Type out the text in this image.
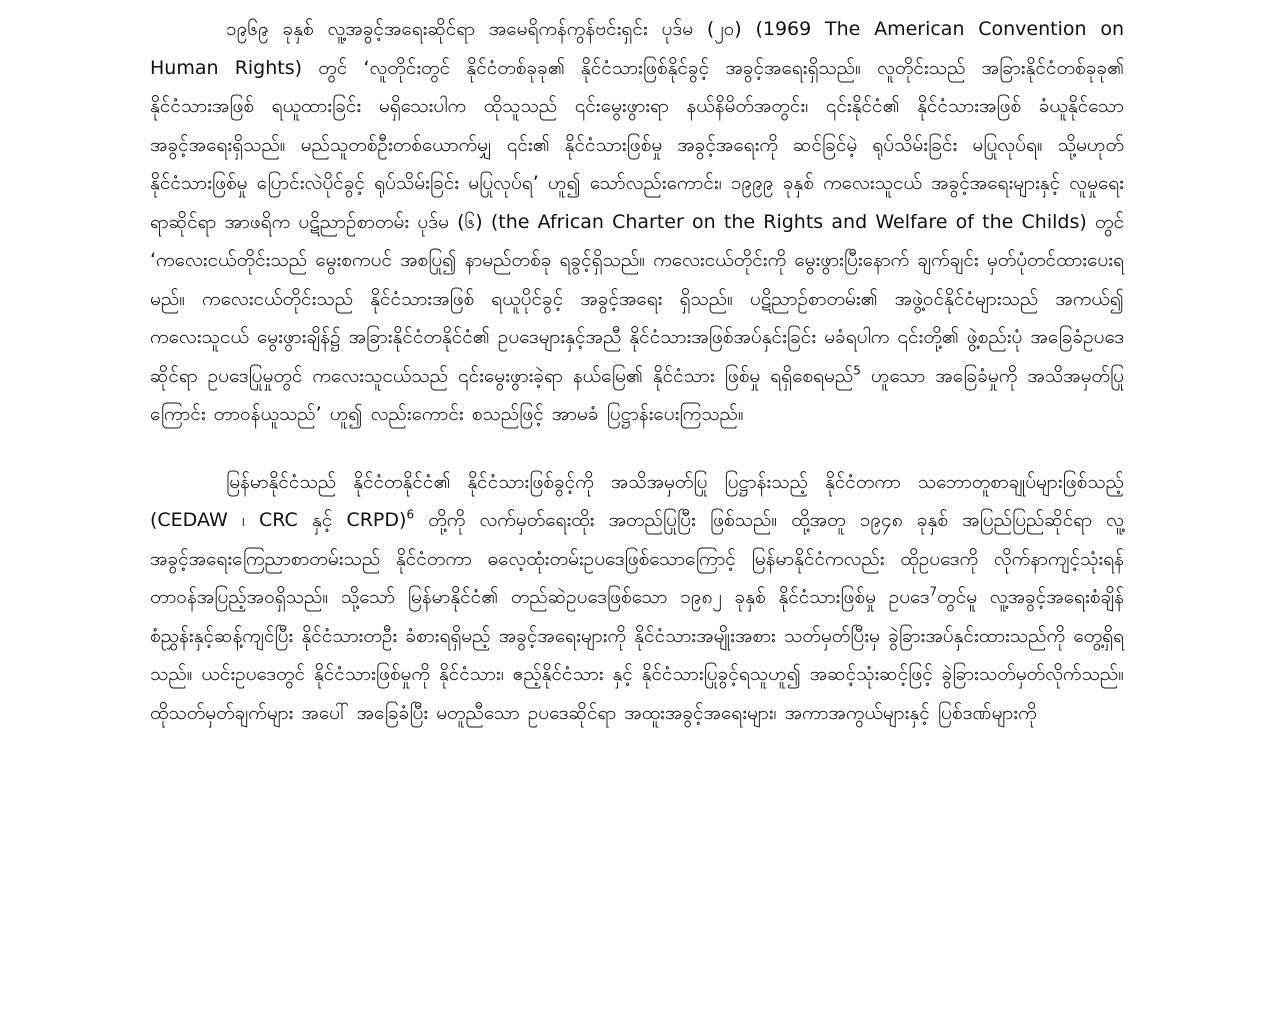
၁၉၆၉ ခုနှစ် လူ့အခွင့်အရေးဆိုင်ရာ အမေရိကန်ကွန်ဗင်းရှင်း ပုဒ်မ (၂၀) (1969 The American Convention on Human Rights) တွင် ‘လူတိုင်းတွင် နိုင်ငံတစ်ခုခု၏ နိုင်ငံသားဖြစ်နိုင်ခွင့် အခွင့်အရေးရှိသည်။ လူတိုင်းသည် အခြားနိုင်ငံတစ်ခုခု၏ နိုင်ငံသားအဖြစ် ရယူထားခြင်း မရှိသေးပါက ထိုသူသည် ၎င်းမွေးဖွားရာ နယ်နိမိတ်အတွင်း၊ ၎င်းနိုင်ငံ၏ နိုင်ငံသားအဖြစ် ခံယူနိုင်သော အခွင့်အရေးရှိသည်။ မည်သူတစ်ဦးတစ်ယောက်မျှ ၎င်း၏ နိုင်ငံသားဖြစ်မှု အခွင့်အရေးကို ဆင်ခြင်မဲ့ ရုပ်သိမ်းခြင်း မပြုလုပ်ရ။ သို့မဟုတ် နိုင်ငံသားဖြစ်မှု ပြောင်းလဲပိုင်ခွင့် ရုပ်သိမ်းခြင်း မပြုလုပ်ရ’ ဟူ၍ သော်လည်းကောင်း၊ ၁၉၉၉ ခုနှစ် ကလေးသူငယ် အခွင့်အရေးများနှင့် လူမှုရေးရာဆိုင်ရာ အာဖရိက ပဋိညာဉ်စာတမ်း ပုဒ်မ (၆) (the African Charter on the Rights and Welfare of the Childs) တွင် ‘ကလေးငယ်တိုင်းသည် မွေးစကပင် အစပြု၍ နာမည်တစ်ခု ရခွင့်ရှိသည်။ ကလေးငယ်တိုင်းကို မွေးဖွားပြီးနောက် ချက်ချင်း မှတ်ပုံတင်ထားပေးရမည်။ ကလေးငယ်တိုင်းသည် နိုင်ငံသားအဖြစ် ရယူပိုင်ခွင့် အခွင့်အရေး ရှိသည်။ ပဋိညာဉ်စာတမ်း၏ အဖွဲ့ဝင်နိုင်ငံများသည် အကယ်၍ ကလေးသူငယ် မွေးဖွားချိန်၌ အခြားနိုင်ငံတနိုင်ငံ၏ ဥပဒေများနှင့်အညီ နိုင်ငံသားအဖြစ်အပ်နှင်းခြင်း မခံရပါက ၎င်းတို့၏ ဖွဲ့စည်းပုံ အခြေခံဥပဒေဆိုင်ရာ ဥပဒေပြုမှုတွင် ကလေးသူငယ်သည် ၎င်းမွေးဖွားခဲ့ရာ နယ်မြေ၏ နိုင်ငံသား ဖြစ်မှု ရရှိစေရမည်$^5$ ဟူသော အခြေခံမှုကို အသိအမှတ်ပြုကြောင်း တာဝန်ယူသည်’ ဟူ၍ လည်းကောင်း စသည်ဖြင့် အာမခံ ပြဋ္ဌာန်းပေးကြသည်။

မြန်မာနိုင်ငံသည် နိုင်ငံတနိုင်ငံ၏ နိုင်ငံသားဖြစ်ခွင့်ကို အသိအမှတ်ပြု ပြဋ္ဌာန်းသည့် နိုင်ငံတကာ သဘောတူစာချုပ်များဖြစ်သည့် (CEDAW ၊ CRC နှင့် CRPD)$^6$ တို့ကို လက်မှတ်ရေးထိုး အတည်ပြုပြီး ဖြစ်သည်။ ထို့အတူ ၁၉၄၈ ခုနှစ် အပြည်ပြည်ဆိုင်ရာ လူ့အခွင့်အရေးကြေညာစာတမ်းသည် နိုင်ငံတကာ ဓလေ့ထုံးတမ်းဥပဒေဖြစ်သောကြောင့် မြန်မာနိုင်ငံကလည်း ထိုဥပဒေကို လိုက်နာကျင့်သုံးရန် တာဝန်အပြည့်အဝရှိသည်။ သို့သော် မြန်မာနိုင်ငံ၏ တည်ဆဲဥပဒေဖြစ်သော ၁၉၈၂ ခုနှစ် နိုင်ငံသားဖြစ်မှု ဥပဒေ$^7$တွင်မူ လူ့အခွင့်အရေးစံချိန်စံညွှန်းနှင့်ဆန့်ကျင်ပြီး နိုင်ငံသားတဦး ခံစားရရှိမည့် အခွင့်အရေးများကို နိုင်ငံသားအမျိုးအစား သတ်မှတ်ပြီးမှ ခွဲခြားအပ်နှင်းထားသည်ကို တွေ့ရှိရသည်။ ယင်းဥပဒေတွင် နိုင်ငံသားဖြစ်မှုကို နိုင်ငံသား၊ ဧည့်နိုင်ငံသား နှင့် နိုင်ငံသားပြုခွင့်ရသူဟူ၍ အဆင့်သုံးဆင့်ဖြင့် ခွဲခြားသတ်မှတ်လိုက်သည်။ ထိုသတ်မှတ်ချက်များ အပေါ် အခြေခံပြီး မတူညီသော ဥပဒေဆိုင်ရာ အထူးအခွင့်အရေးများ၊ အကာအကွယ်များနှင့် ပြစ်ဒဏ်များကို
